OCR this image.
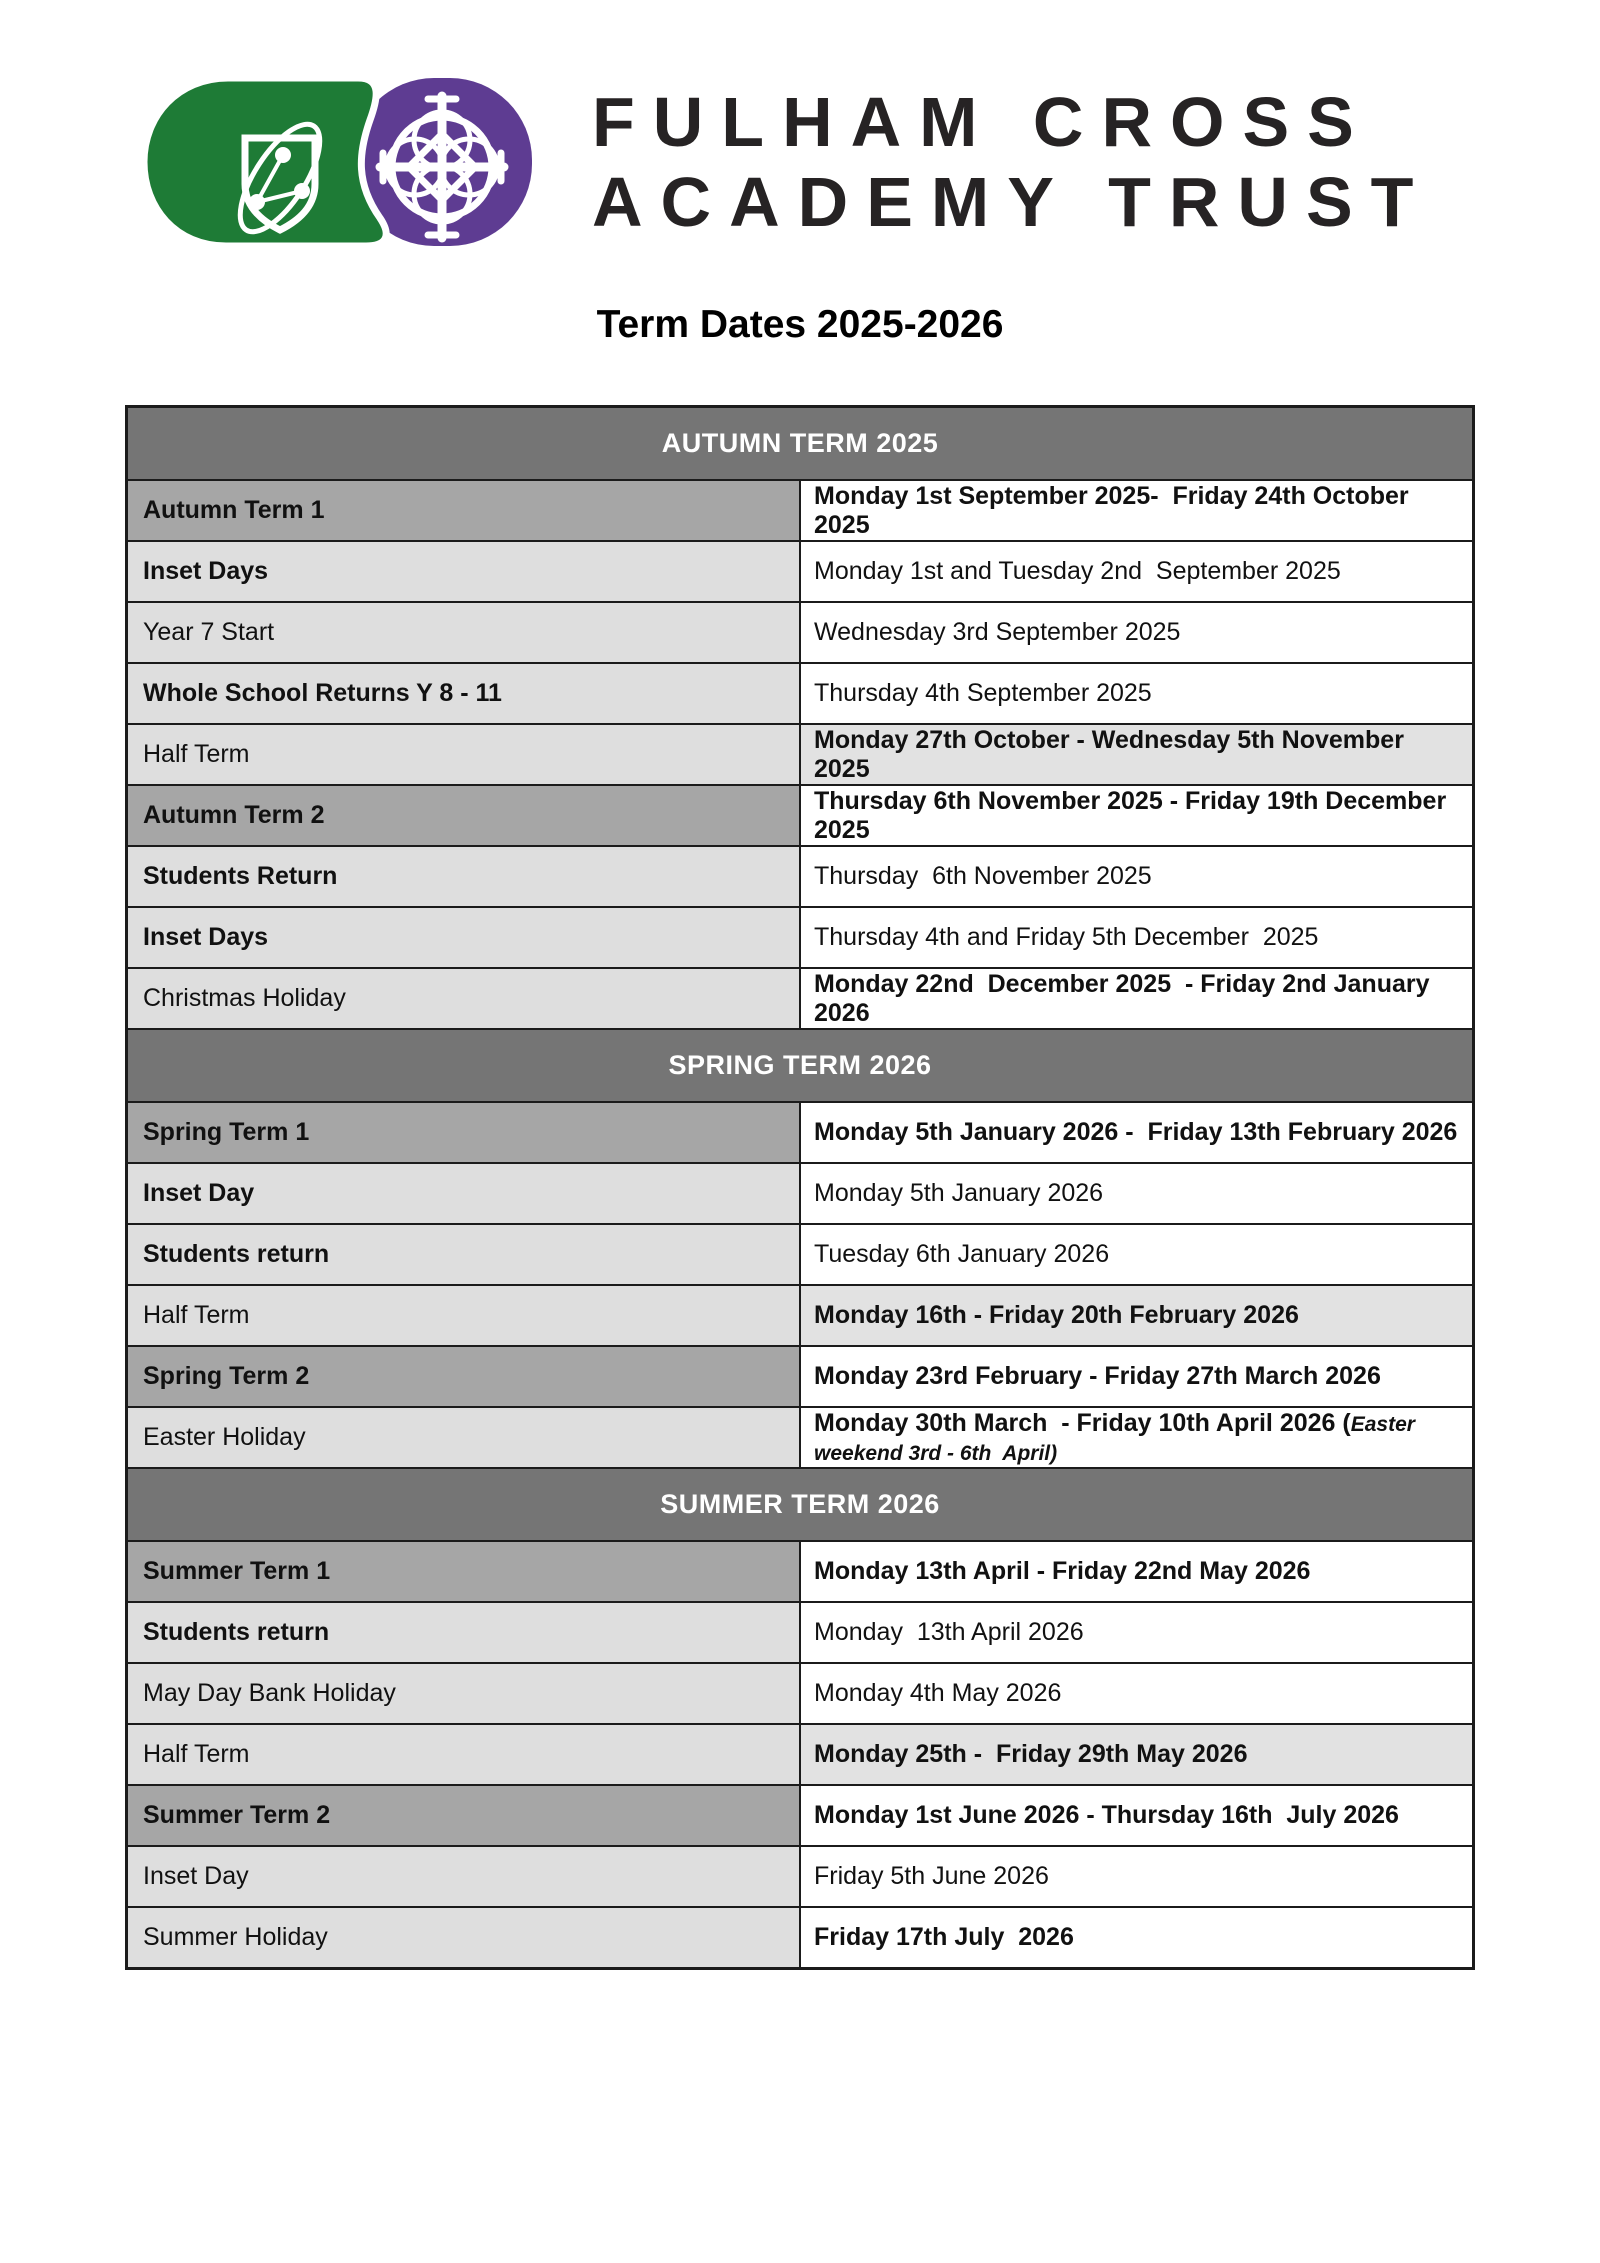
FULHAM CROSS
ACADEMY TRUST
Term Dates 2025-2026
AUTUMN TERM 2025	
Autumn Term 1	Monday 1st September 2025-  Friday 24th October 2025
Inset Days	Monday 1st and Tuesday 2nd  September 2025
Year 7 Start	Wednesday 3rd September 2025
Whole School Returns Y 8 - 11	Thursday 4th September 2025
Half Term	Monday 27th October - Wednesday 5th November 2025
Autumn Term 2	Thursday 6th November 2025 - Friday 19th December 2025
Students Return	Thursday  6th November 2025
Inset Days	Thursday 4th and Friday 5th December  2025
Christmas Holiday	Monday 22nd  December 2025  - Friday 2nd January 2026
SPRING TERM 2026	
Spring Term 1	Monday 5th January 2026 -  Friday 13th February 2026
Inset Day	Monday 5th January 2026
Students return	Tuesday 6th January 2026
Half Term	Monday 16th - Friday 20th February 2026
Spring Term 2	Monday 23rd February - Friday 27th March 2026
Easter Holiday	Monday 30th March  - Friday 10th April 2026 (Easter weekend 3rd - 6th  April)
SUMMER TERM 2026	
Summer Term 1	Monday 13th April - Friday 22nd May 2026
Students return	Monday  13th April 2026
May Day Bank Holiday	Monday 4th May 2026
Half Term	Monday 25th -  Friday 29th May 2026
Summer Term 2	Monday 1st June 2026 - Thursday 16th  July 2026
Inset Day	Friday 5th June 2026
Summer Holiday	Friday 17th July  2026
